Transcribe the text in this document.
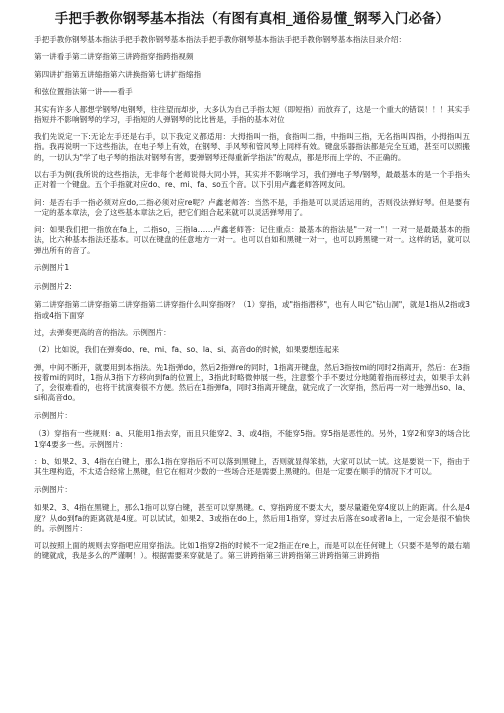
手把手教你钢琴基本指法（有图有真相_通俗易懂_钢琴入门必备）
手把手教你钢琴基本指法手把手教你钢琴基本指法手把手教你钢琴基本指法手把手教你钢琴基本指法目录介绍：
第一讲看手第二讲穿指第三讲跨指穿指跨指视频
第四讲扩指第五讲缩指第六讲换指第七讲扩指缩指
和弦位置指法第一讲——看手
其实有许多人都想学钢琴/电钢琴，往往望而却步，大多认为自己手指太短（即短指）而放弃了，这是一个重大的错误！！！其实手指短并不影响钢琴的学习，手指短的人弹钢琴的比比皆是，手指的基本对位
我们先说定一下:无论左手还是右手，以下我定义都适用：大拇指叫一指，食指叫二指，中指叫三指，无名指叫四指，小拇指叫五指。我再说明一下这些指法，在电子琴上有效，在钢琴、手风琴和管风琴上同样有效。键盘乐器指法都是完全互通，甚至可以照搬的，一切认为"学了电子琴的指法对钢琴有害，要弹钢琴还得重新学指法"的观点，都是形而上学的、不正确的。
以右手为例(我所说的这些指法，无非每个老师说得大同小异，其实并不影响学习，我们弹电子琴/钢琴，最最基本的是一个手指头正对着一个键盘。五个手指就对应do、re、mi、fa、so五个音。以下引用卢鑫老师答网友问。
问：是否右手一指必须对应do,二指必须对应re呢？卢鑫老师答：当然不是，手指是可以灵活运用的，否则没法弹好琴。但是要有一定的基本章法，会了这些基本章法之后，把它们组合起来就可以灵活弹琴用了。
问：如果我们把一指放在fa上，二指so，三指la……卢鑫老师答：记住重点：最基本的指法是"一对一"！一对一是最最基本的指法，比六种基本指法还基本。可以在键盘的任意地方一对一。也可以自如和黑键一对一，也可以跨黑键一对一。这样的话，就可以弹出所有的音了。
示例图片1
示例图片2:
第二讲穿指第二讲穿指第二讲穿指第二讲穿指什么叫穿指呀？（1）穿指，或"指指潜移"，也有人叫它"钻山洞"，就是1指从2指或3指或4指下面穿
过，去弹奏更高的音的指法。示例图片：
（2）比如说，我们在弹奏do、re、mi、fa、so、la、si、高音do的时候，如果要想连起来
弹，中间不断开，就要用到本指法。先1指弹do，然后2指弹re的同时，1指离开键盘，然后3指按mi的同时2指离开，然后：在3指按着mi的同时，1指从3指下方移向到fa的位置上，3指此时略微伸展一些，注意整个手不要过分地随着指而移过去，如果手太斜了，会很难看的，也将干扰演奏很不方便。然后在1指弹fa，同时3指离开键盘，就完成了一次穿指，然后再一对一地弹出so、la、si和高音do。
示例图片：
（3）穿指有一些规则：a、只能用1指去穿，而且只能穿2、3、或4指，不能穿5指。穿5指是恶性的。另外，1穿2和穿3的场合比1穿4要多一些。示例图片：
：b、如果2、3、4指在白键上，那么1指在穿指后不可以落到黑键上，否则就显得笨拙，大家可以试一试。这是要说一下，指由于其生理构造，不太适合经常上黑键，但它在相对少数的一些场合还是需要上黑键的。但是一定要在顺手的情况下才可以。
示例图片：
如果2、3、4指在黑键上，那么1指可以穿白键，甚至可以穿黑键。c、穿指跨度不要太大，要尽量避免穿4度以上的距离。什么是4度？从do到fa的距离就是4度。可以试试，如果2、3或指在do上，然后用1指穿，穿过去后落在so或者la上，一定会是很不愉快的。示例图片：
可以按照上面的规则去穿指吧应用穿指法。比如1指穿2指的时候不一定2指正在re上，而是可以在任何键上（只要不是琴的最右端的键就成，我是多么的严谨啊！）。根据需要来穿就是了。第三讲跨指第三讲跨指第三讲跨指第三讲跨指
